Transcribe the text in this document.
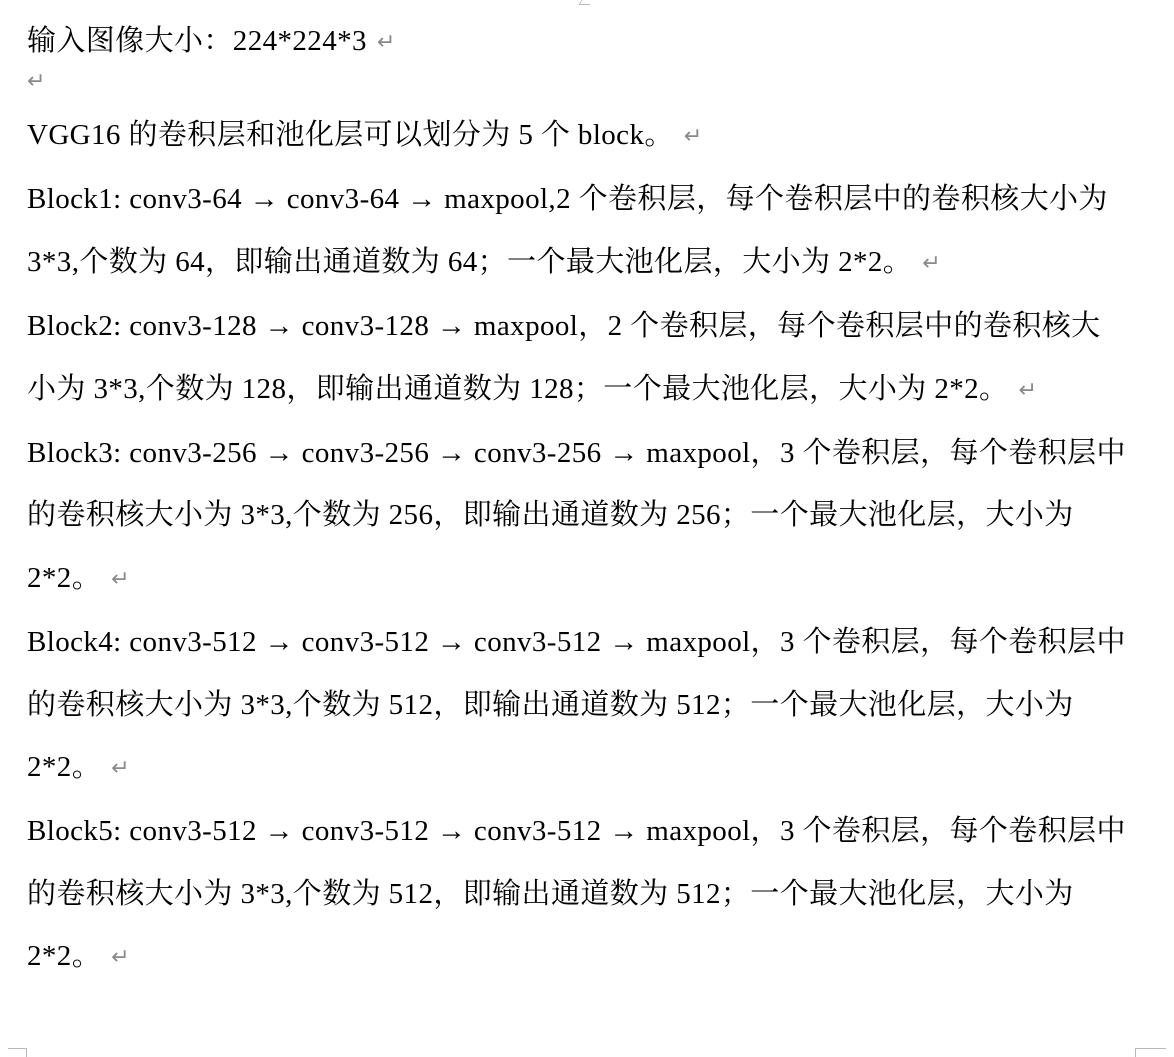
输入图像大小：224*224*3 ↵

↵

VGG16 的卷积层和池化层可以划分为 5 个 block。 ↵

Block1: conv3-64 → conv3-64 → maxpool,2 个卷积层，每个卷积层中的卷积核大小为 3*3,个数为 64，即输出通道数为 64；一个最大池化层，大小为 2*2。 ↵

Block2: conv3-128 → conv3-128 → maxpool，2 个卷积层，每个卷积层中的卷积核大小为 3*3,个数为 128，即输出通道数为 128；一个最大池化层，大小为 2*2。 ↵

Block3: conv3-256 → conv3-256 → conv3-256 → maxpool，3 个卷积层，每个卷积层中的卷积核大小为 3*3,个数为 256，即输出通道数为 256；一个最大池化层，大小为 2*2。 ↵

Block4: conv3-512 → conv3-512 → conv3-512 → maxpool，3 个卷积层，每个卷积层中的卷积核大小为 3*3,个数为 512，即输出通道数为 512；一个最大池化层，大小为 2*2。 ↵

Block5: conv3-512 → conv3-512 → conv3-512 → maxpool，3 个卷积层，每个卷积层中的卷积核大小为 3*3,个数为 512，即输出通道数为 512；一个最大池化层，大小为 2*2。 ↵
